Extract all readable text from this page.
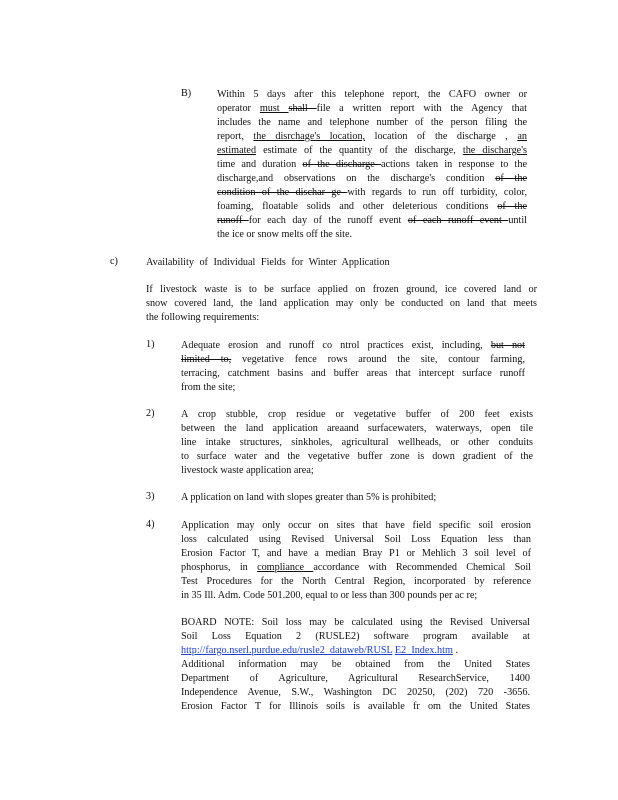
B)	Within 5 days after this telephone report, the CAFO owner or
operator must shall file a written report with the Agency that
includes the name and telephone number of the person filing the
report, the disrchage's location, location of the discharge , an
estimated estimate of the quantity of the discharge, the discharge's
time and duration of the discharge actions taken in response to the
discharge,and observations on the discharge's condition of the
condition of the dischar ge with regards to run off turbidity, color,
foaming, floatable solids and other deleterious conditions of the
runoff for each day of the runoff event of each runoff event until
the ice or snow melts off the site.
c)	Availability of Individual Fields for Winter Application
If livestock waste is to be surface applied on frozen ground, ice covered land or
snow covered land, the land application may only be conducted on land that meets
the following requirements:
1)	Adequate erosion and runoff co ntrol practices exist, including, but not
limited to, vegetative fence rows around the site, contour farming,
terracing, catchment basins and buffer areas that intercept surface runoff
from the site;
2)	A crop stubble, crop residue or vegetative buffer of 200 feet exists
between the land application areaand surfacewaters, waterways, open tile
line intake structures, sinkholes, agricultural wellheads, or other conduits
to surface water and the vegetative buffer zone is down gradient of the
livestock waste application area;
3)	A pplication on land with slopes greater than 5% is prohibited;
4)	Application may only occur on sites that have field specific soil erosion
loss calculated using Revised Universal Soil Loss Equation less than
Erosion Factor T, and have a median Bray P1 or Mehlich 3 soil level of
phosphorus, in compliance accordance with Recommended Chemical Soil
Test Procedures for the North Central Region, incorporated by reference
in 35 Ill. Adm. Code 501.200, equal to or less than 300 pounds per ac re;
BOARD NOTE: Soil loss may be calculated using the Revised Universal
Soil Loss Equation 2 (RUSLE2) software program available at
http://fargo.nserl.purdue.edu/rusle2_dataweb/RUSL E2_Index.htm .
Additional information may be obtained from the United States
Department of Agriculture, Agricultural ResearchService, 1400
Independence Avenue, S.W., Washington DC 20250, (202) 720 -3656.
Erosion Factor T for Illinois soils is available fr om the United States
